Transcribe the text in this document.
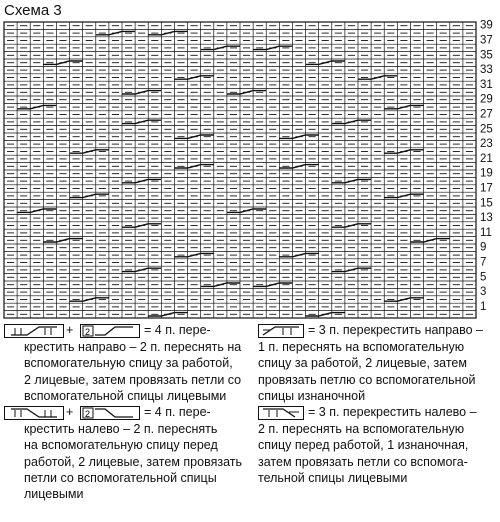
Схема 3
39
37
35
33
31
29
27
25
23
21
19
17
15
13
11
9
7
5
3
1
+ 2	= 4 п. пере-
крестить направо – 2 п. переснять на
вспомогательную спицу за работой,
2 лицевые, затем провязать петли со
вспомогательной спицы лицевыми
+ 2	= 4 п. пере-
крестить налево – 2 п. переснять
на вспомогательную спицу перед
работой, 2 лицевые, затем провязать
петли со вспомогательной спицы
лицевыми
= 3 п. перекрестить направо –
1 п. переснять на вспомогательную
спицу за работой, 2 лицевые, затем
провязать петлю со вспомогательной
спицы изнаночной
= 3 п. перекрестить налево –
2 п. переснять на вспомогательную
спицу перед работой, 1 изнаночная,
затем провязать петли со вспомога-
тельной спицы лицевыми
